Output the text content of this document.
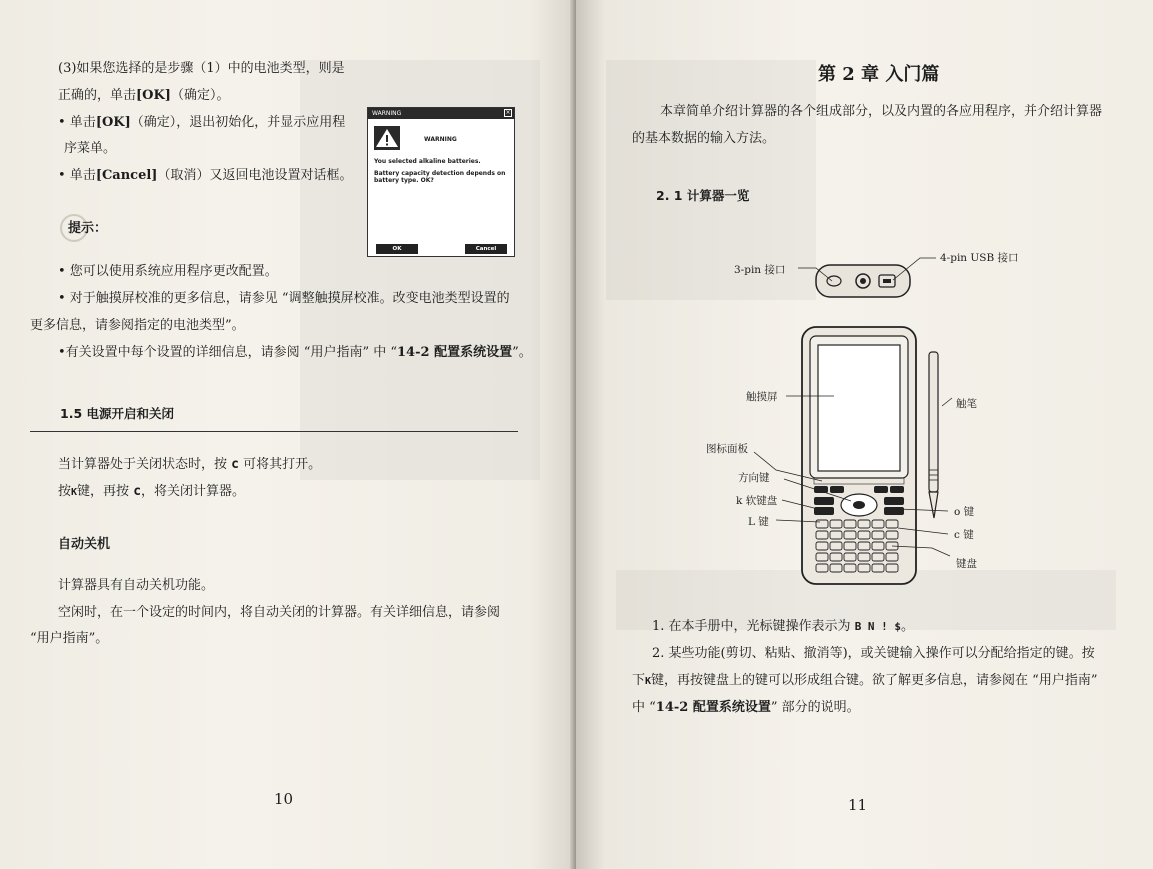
(3)如果您选择的是步骤（1）中的电池类型，则是
正确的，单击[OK]（确定）。
• 单击[OK]（确定），退出初始化，并显示应用程
序菜单。
• 单击[Cancel]（取消）又返回电池设置对话框。
WARNING	×
WARNING
You selected alkaline batteries.
Battery capacity detection depends on
battery type. OK?
OK	Cancel
提示：
• 您可以使用系统应用程序更改配置。
• 对于触摸屏校准的更多信息，请参见 “调整触摸屏校准。改变电池类型设置的
更多信息，请参阅指定的电池类型”。
•有关设置中每个设置的详细信息，请参阅 “用户指南” 中 “14-2 配置系统设置”。
1.5 电源开启和关闭
当计算器处于关闭状态时，按 c 可将其打开。
按K键，再按 c，将关闭计算器。
自动关机
计算器具有自动关机功能。
空闲时，在一个设定的时间内，将自动关闭的计算器。有关详细信息，请参阅
“用户指南”。
10
第 2 章 入门篇
本章简单介绍计算器的各个组成部分，以及内置的各应用程序，并介绍计算器
的基本数据的输入方法。
2. 1 计算器一览
3-pin 接口
4-pin USB 接口
触摸屏
触笔
图标面板
方向键
k 软键盘
L 键
o 键
c 键
键盘
1. 在本手册中，光标键操作表示为 B N ! $。
2. 某些功能(剪切、粘贴、撤消等)，或关键输入操作可以分配给指定的键。按
下K键，再按键盘上的键可以形成组合键。欲了解更多信息，请参阅在 “用户指南”
中 “14-2 配置系统设置” 部分的说明。
11
